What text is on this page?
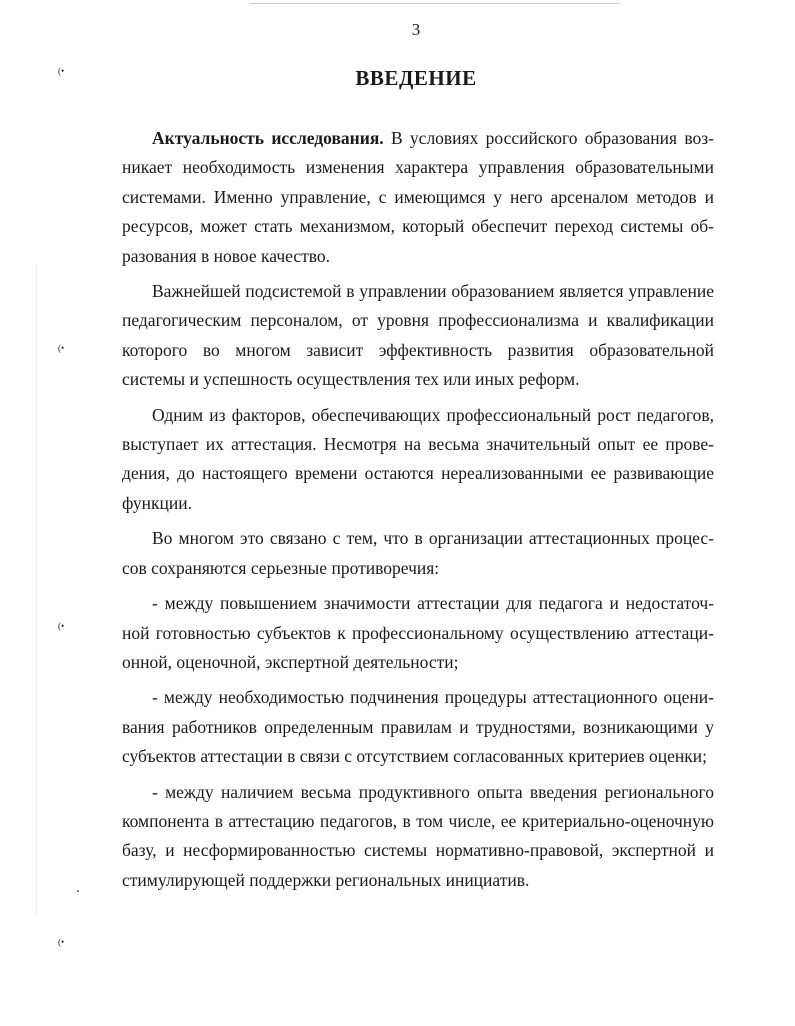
3
ВВЕДЕНИЕ
(•
(•
(•
(•

Актуальность исследования. В условиях российского образования возникает необходимость изменения характера управления образовательными системами. Именно управление, с имеющимся у него арсеналом методов и ресурсов, может стать механизмом, который обеспечит переход системы образования в новое качество.

Важнейшей подсистемой в управлении образованием является управление педагогическим персоналом, от уровня профессионализма и квалификации которого во многом зависит эффективность развития образовательной системы и успешность осуществления тех или иных реформ.

Одним из факторов, обеспечивающих профессиональный рост педагогов, выступает их аттестация. Несмотря на весьма значительный опыт ее проведения, до настоящего времени остаются нереализованными ее развивающие функции.

Во многом это связано с тем, что в организации аттестационных процессов сохраняются серьезные противоречия:

- между повышением значимости аттестации для педагога и недостаточной готовностью субъектов к профессиональному осуществлению аттестационной, оценочной, экспертной деятельности;

- между необходимостью подчинения процедуры аттестационного оценивания работников определенным правилам и трудностями, возникающими у субъектов аттестации в связи с отсутствием согласованных критериев оценки;

- между наличием весьма продуктивного опыта введения регионального компонента в аттестацию педагогов, в том числе, ее критериально-оценочную базу, и несформированностью системы нормативно-правовой, экспертной и стимулирующей поддержки региональных инициатив.
